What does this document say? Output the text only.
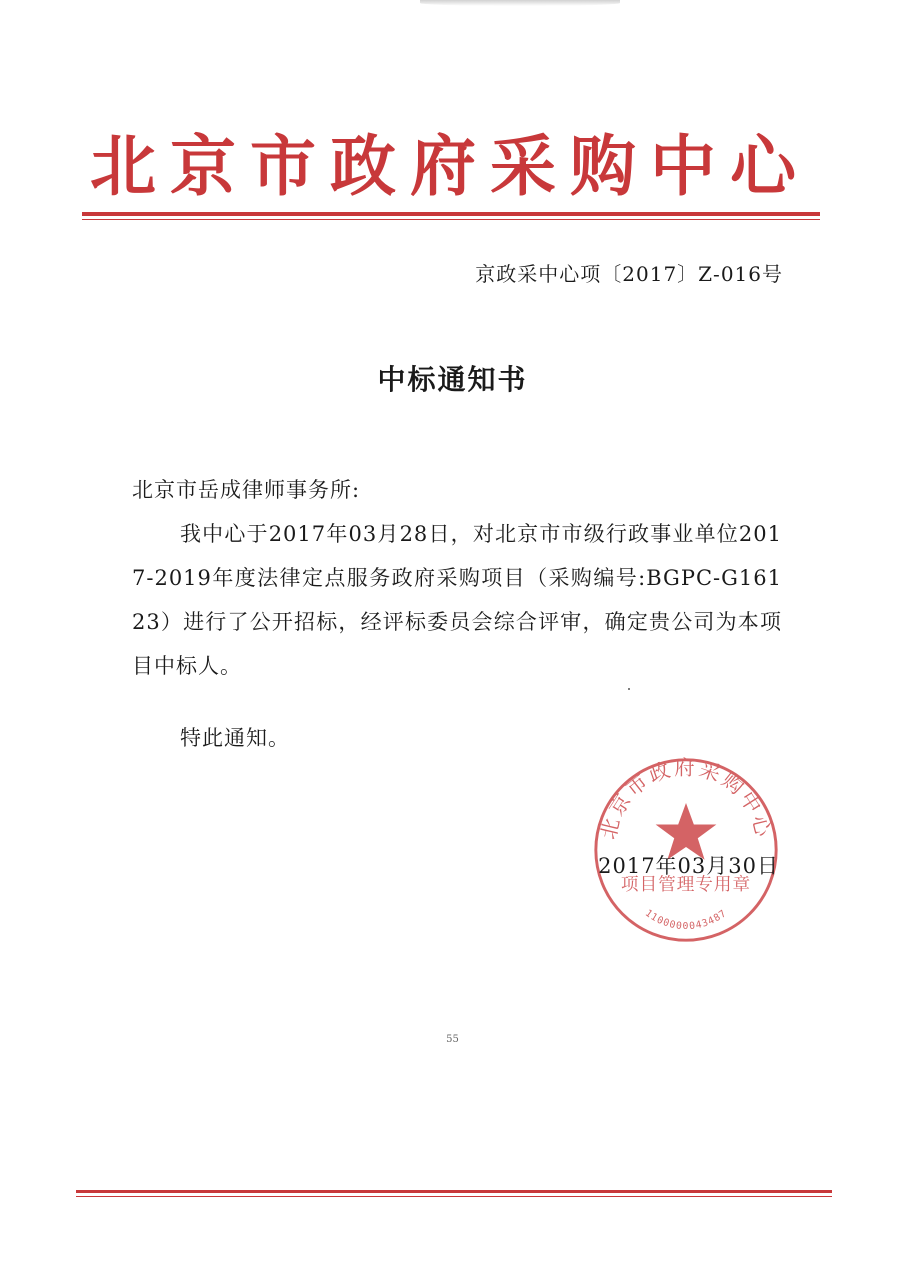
北京市政府采购中心
京政采中心项〔2017〕Z-016号
中标通知书
北京市岳成律师事务所:
我中心于2017年03月28日，对北京市市级行政事业单位2017-2019年度法律定点服务政府采购项目（采购编号:BGPC-G16123）进行了公开招标，经评标委员会综合评审，确定贵公司为本项目中标人。
特此通知。
北京市政府采购中心
项目管理专用章
1100000043487
2017年03月30日
55
